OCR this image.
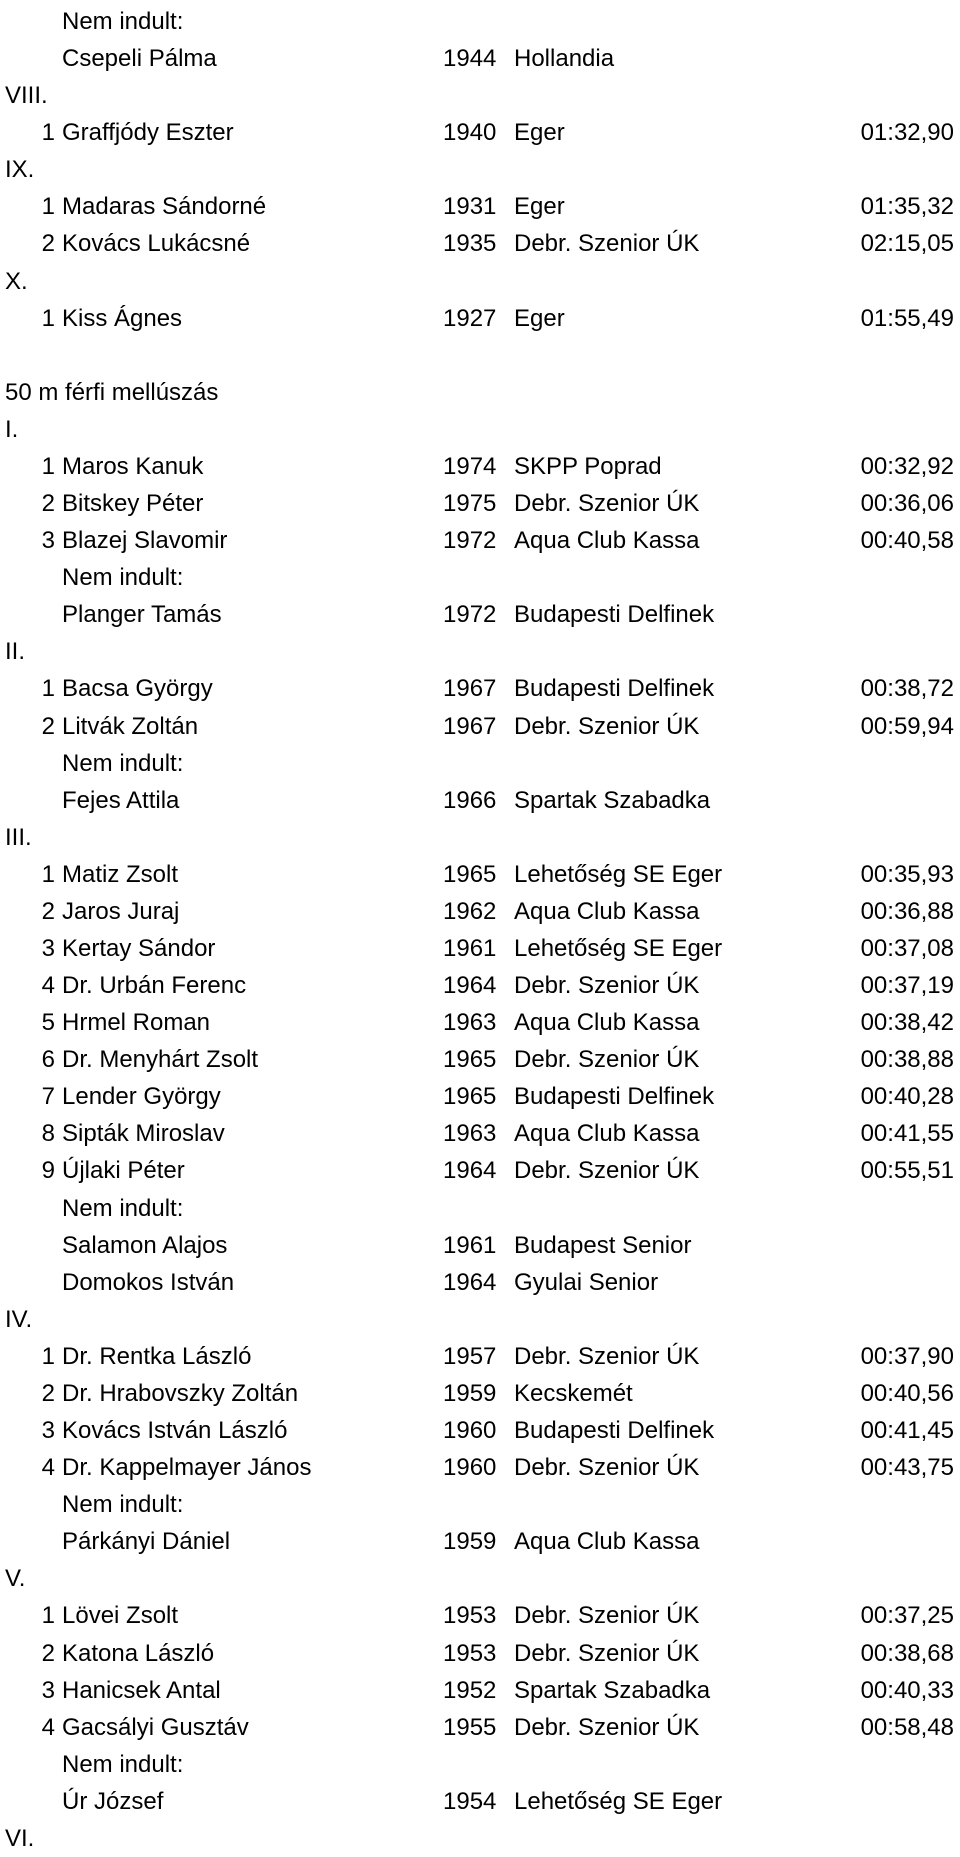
Nem indult:
Csepeli Pálma	1944 Hollandia
VIII.
1 Graffjódy Eszter	1940 Eger	01:32,90
IX.
1 Madaras Sándorné	1931 Eger	01:35,32
2 Kovács Lukácsné	1935 Debr. Szenior ÚK	02:15,05
X.
1 Kiss Ágnes	1927 Eger	01:55,49
50 m férfi mellúszás
I.
1 Maros Kanuk	1974 SKPP Poprad	00:32,92
2 Bitskey Péter	1975 Debr. Szenior ÚK	00:36,06
3 Blazej Slavomir	1972 Aqua Club Kassa	00:40,58
Nem indult:
Planger Tamás	1972 Budapesti Delfinek
II.
1 Bacsa György	1967 Budapesti Delfinek	00:38,72
2 Litvák Zoltán	1967 Debr. Szenior ÚK	00:59,94
Nem indult:
Fejes Attila	1966 Spartak Szabadka
III.
1 Matiz Zsolt	1965 Lehetőség SE Eger	00:35,93
2 Jaros Juraj	1962 Aqua Club Kassa	00:36,88
3 Kertay Sándor	1961 Lehetőség SE Eger	00:37,08
4 Dr. Urbán Ferenc	1964 Debr. Szenior ÚK	00:37,19
5 Hrmel Roman	1963 Aqua Club Kassa	00:38,42
6 Dr. Menyhárt Zsolt	1965 Debr. Szenior ÚK	00:38,88
7 Lender György	1965 Budapesti Delfinek	00:40,28
8 Sipták Miroslav	1963 Aqua Club Kassa	00:41,55
9 Újlaki Péter	1964 Debr. Szenior ÚK	00:55,51
Nem indult:
Salamon Alajos	1961 Budapest Senior
Domokos István	1964 Gyulai Senior
IV.
1 Dr. Rentka László	1957 Debr. Szenior ÚK	00:37,90
2 Dr. Hrabovszky Zoltán	1959 Kecskemét	00:40,56
3 Kovács István László	1960 Budapesti Delfinek	00:41,45
4 Dr. Kappelmayer János	1960 Debr. Szenior ÚK	00:43,75
Nem indult:
Párkányi Dániel	1959 Aqua Club Kassa
V.
1 Lövei Zsolt	1953 Debr. Szenior ÚK	00:37,25
2 Katona László	1953 Debr. Szenior ÚK	00:38,68
3 Hanicsek Antal	1952 Spartak Szabadka	00:40,33
4 Gacsályi Gusztáv	1955 Debr. Szenior ÚK	00:58,48
Nem indult:
Úr József	1954 Lehetőség SE Eger
VI.
